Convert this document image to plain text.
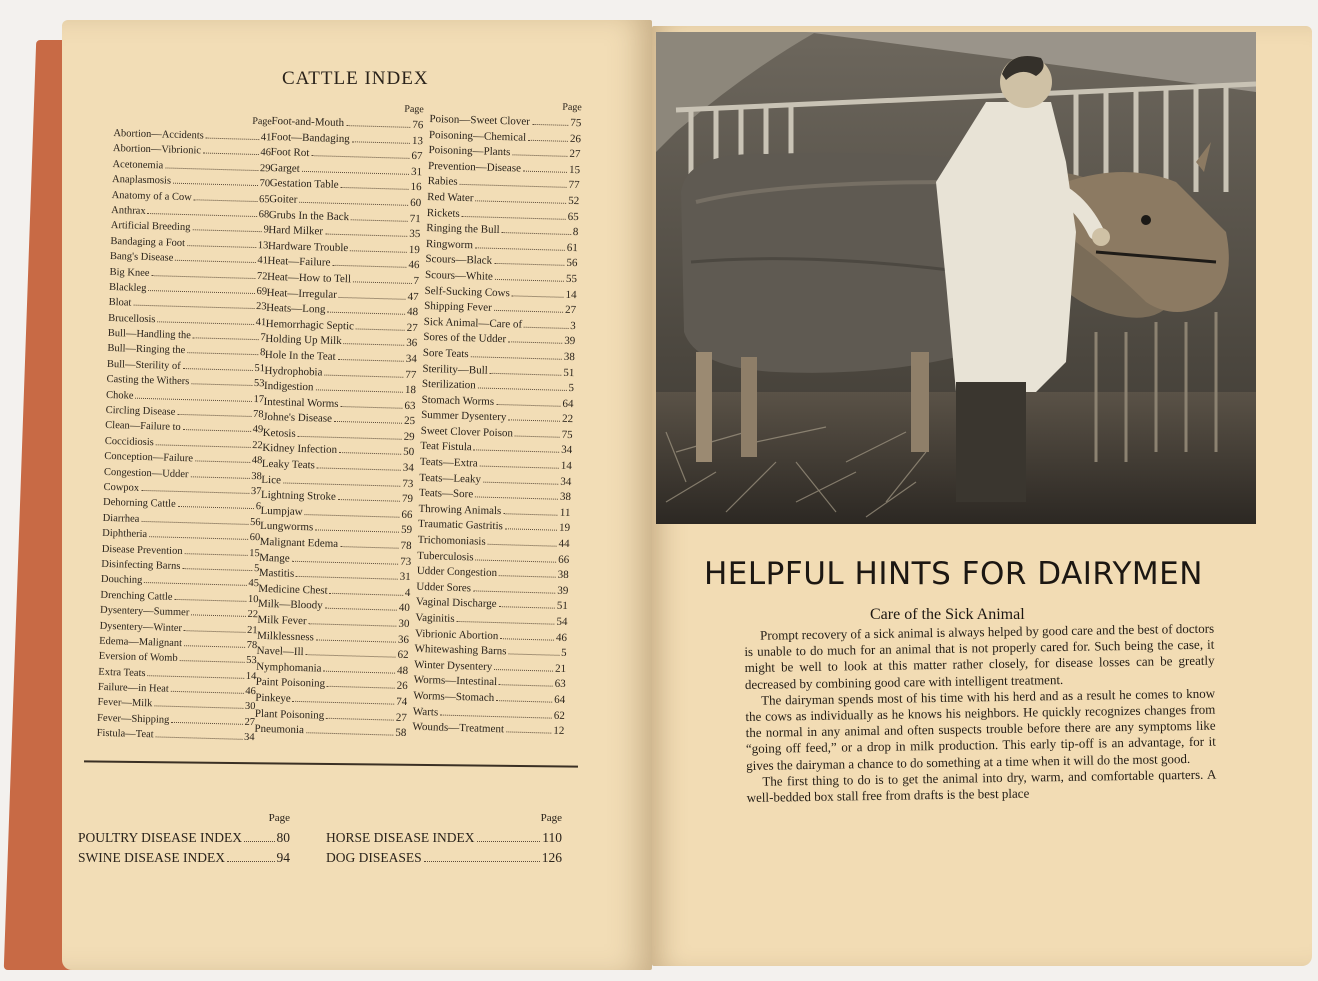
CATTLE INDEX
Page
Abortion—Accidents	41
Abortion—Vibrionic	46
Acetonemia	29
Anaplasmosis	70
Anatomy of a Cow	65
Anthrax	68
Artificial Breeding	9
Bandaging a Foot	13
Bang's Disease	41
Big Knee	72
Blackleg	69
Bloat	23
Brucellosis	41
Bull—Handling the	7
Bull—Ringing the	8
Bull—Sterility of	51
Casting the Withers	53
Choke	17
Circling Disease	78
Clean—Failure to	49
Coccidiosis	22
Conception—Failure	48
Congestion—Udder	38
Cowpox	37
Dehorning Cattle	6
Diarrhea	56
Diphtheria	60
Disease Prevention	15
Disinfecting Barns	5
Douching	45
Drenching Cattle	10
Dysentery—Summer	22
Dysentery—Winter	21
Edema—Malignant	78
Eversion of Womb	53
Extra Teats	14
Failure—in Heat	46
Fever—Milk	30
Fever—Shipping	27
Fistula—Teat	34
Page
Foot-and-Mouth	76
Foot—Bandaging	13
Foot Rot	67
Garget	31
Gestation Table	16
Goiter	60
Grubs In the Back	71
Hard Milker	35
Hardware Trouble	19
Heat—Failure	46
Heat—How to Tell	7
Heat—Irregular	47
Heats—Long	48
Hemorrhagic Septic	27
Holding Up Milk	36
Hole In the Teat	34
Hydrophobia	77
Indigestion	18
Intestinal Worms	63
Johne's Disease	25
Ketosis	29
Kidney Infection	50
Leaky Teats	34
Lice	73
Lightning Stroke	79
Lumpjaw	66
Lungworms	59
Malignant Edema	78
Mange	73
Mastitis	31
Medicine Chest	4
Milk—Bloody	40
Milk Fever	30
Milklessness	36
Navel—Ill	62
Nymphomania	48
Paint Poisoning	26
Pinkeye	74
Plant Poisoning	27
Pneumonia	58
Page
Poison—Sweet Clover	75
Poisoning—Chemical	26
Poisoning—Plants	27
Prevention—Disease	15
Rabies	77
Red Water	52
Rickets	65
Ringing the Bull	8
Ringworm	61
Scours—Black	56
Scours—White	55
Self-Sucking Cows	14
Shipping Fever	27
Sick Animal—Care of	3
Sores of the Udder	39
Sore Teats	38
Sterility—Bull	51
Sterilization	5
Stomach Worms	64
Summer Dysentery	22
Sweet Clover Poison	75
Teat Fistula	34
Teats—Extra	14
Teats—Leaky	34
Teats—Sore	38
Throwing Animals	11
Traumatic Gastritis	19
Trichomoniasis	44
Tuberculosis	66
Udder Congestion	38
Udder Sores	39
Vaginal Discharge	51
Vaginitis	54
Vibrionic Abortion	46
Whitewashing Barns	5
Winter Dysentery	21
Worms—Intestinal	63
Worms—Stomach	64
Warts	62
Wounds—Treatment	12
Page
POULTRY DISEASE INDEX	80
SWINE DISEASE INDEX	94
Page
HORSE DISEASE INDEX	110
DOG DISEASES	126
HELPFUL HINTS FOR DAIRYMEN
Care of the Sick Animal

Prompt recovery of a sick animal is always helped by good care and the best of doctors is unable to do much for an animal that is not properly cared for. Such being the case, it might be well to look at this matter rather closely, for disease losses can be greatly decreased by combining good care with intelligent treatment.

The dairyman spends most of his time with his herd and as a result he comes to know the cows as individually as he knows his neighbors. He quickly recognizes changes from the normal in any animal and often suspects trouble before there are any symptoms like “going off feed,” or a drop in milk production. This early tip-off is an advantage, for it gives the dairyman a chance to do something at a time when it will do the most good.

The first thing to do is to get the animal into dry, warm, and comfortable quarters. A well-bedded box stall free from drafts is the best place
